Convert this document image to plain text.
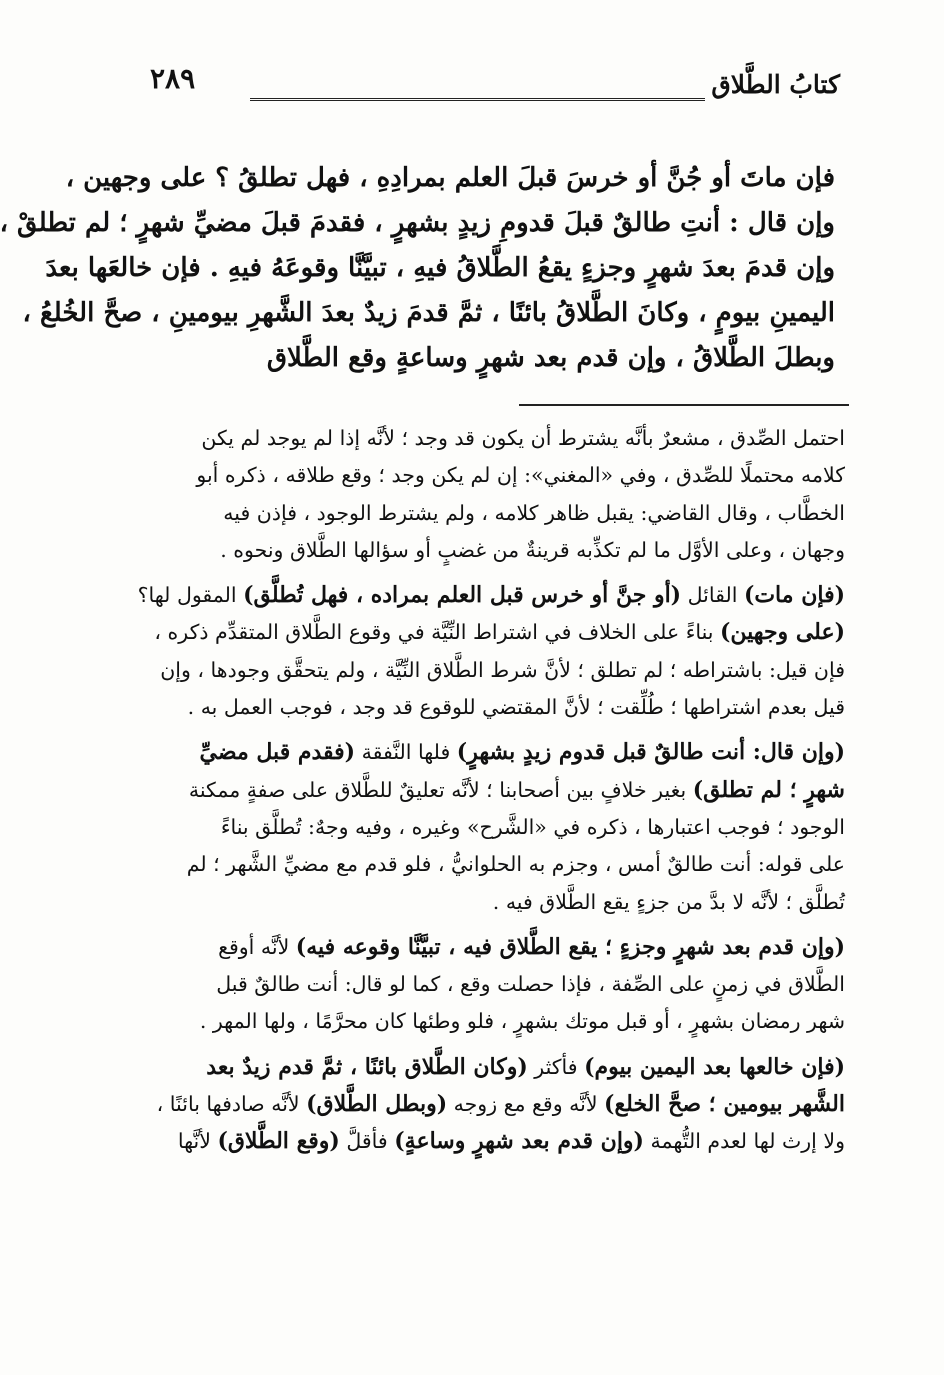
كتابُ الطَّلاق
٢٨٩
فإن ماتَ أو جُنَّ أو خرسَ قبلَ العلم بمرادِهِ ، فهل تطلقُ ؟ على وجهين ،
وإن قال : أنتِ طالقٌ قبلَ قدومِ زيدٍ بشهرٍ ، فقدمَ قبلَ مضيِّ شهرٍ ؛ لم تطلقْ ،
وإن قدمَ بعدَ شهرٍ وجزءٍ يقعُ الطَّلاقُ فيهِ ، تبيَّنَّا وقوعَهُ فيهِ . فإن خالعَها بعدَ
اليمينِ بيومٍ ، وكانَ الطَّلاقُ بائنًا ، ثمَّ قدمَ زيدٌ بعدَ الشَّهرِ بيومينِ ، صحَّ الخُلعُ ،
وبطلَ الطَّلاقُ ، وإن قدم بعد شهرٍ وساعةٍ وقع الطَّلاق
احتمل الصِّدق ، مشعرٌ بأنَّه يشترط أن يكون قد وجد ؛ لأنَّه إذا لم يوجد لم يكن
كلامه محتملًا للصِّدق ، وفي «المغني»: إن لم يكن وجد ؛ وقع طلاقه ، ذكره أبو
الخطَّاب ، وقال القاضي: يقبل ظاهر كلامه ، ولم يشترط الوجود ، فإذن فيه
وجهان ، وعلى الأوَّل ما لم تكذِّبه قرينةٌ من غضبٍ أو سؤالها الطَّلاق ونحوه .
(فإن مات) القائل (أو جنَّ أو خرس قبل العلم بمراده ، فهل تُطلَّق) المقول لها؟
(على وجهين) بناءً على الخلاف في اشتراط النِّيَّة في وقوع الطَّلاق المتقدِّم ذكره ،
فإن قيل: باشتراطه ؛ لم تطلق ؛ لأنَّ شرط الطَّلاق النِّيَّة ، ولم يتحقَّق وجودها ، وإن
قيل بعدم اشتراطها ؛ طُلِّقت ؛ لأنَّ المقتضي للوقوع قد وجد ، فوجب العمل به .
(وإن قال: أنت طالقٌ قبل قدوم زيدٍ بشهرٍ) فلها النَّفقة (فقدم قبل مضيِّ
شهرٍ ؛ لم تطلق) بغير خلافٍ بين أصحابنا ؛ لأنَّه تعليقٌ للطَّلاق على صفةٍ ممكنة
الوجود ؛ فوجب اعتبارها ، ذكره في «الشَّرح» وغيره ، وفيه وجهٌ: تُطلَّق بناءً
على قوله: أنت طالقٌ أمس ، وجزم به الحلوانيُّ ، فلو قدم مع مضيِّ الشَّهر ؛ لم
تُطلَّق ؛ لأنَّه لا بدَّ من جزءٍ يقع الطَّلاق فيه .
(وإن قدم بعد شهرٍ وجزءٍ ؛ يقع الطَّلاق فيه ، تبيَّنَّا وقوعه فيه) لأنَّه أوقع
الطَّلاق في زمنٍ على الصِّفة ، فإذا حصلت وقع ، كما لو قال: أنت طالقٌ قبل
شهر رمضان بشهرٍ ، أو قبل موتك بشهرٍ ، فلو وطئها كان محرَّمًا ، ولها المهر .
(فإن خالعها بعد اليمين بيوم) فأكثر (وكان الطَّلاق بائنًا ، ثمَّ قدم زيدٌ بعد
الشَّهر بيومين ؛ صحَّ الخلع) لأنَّه وقع مع زوجه (وبطل الطَّلاق) لأنَّه صادفها بائنًا ،
ولا إرث لها لعدم التُّهمة (وإن قدم بعد شهرٍ وساعةٍ) فأقلَّ (وقع الطَّلاق) لأنَّها
